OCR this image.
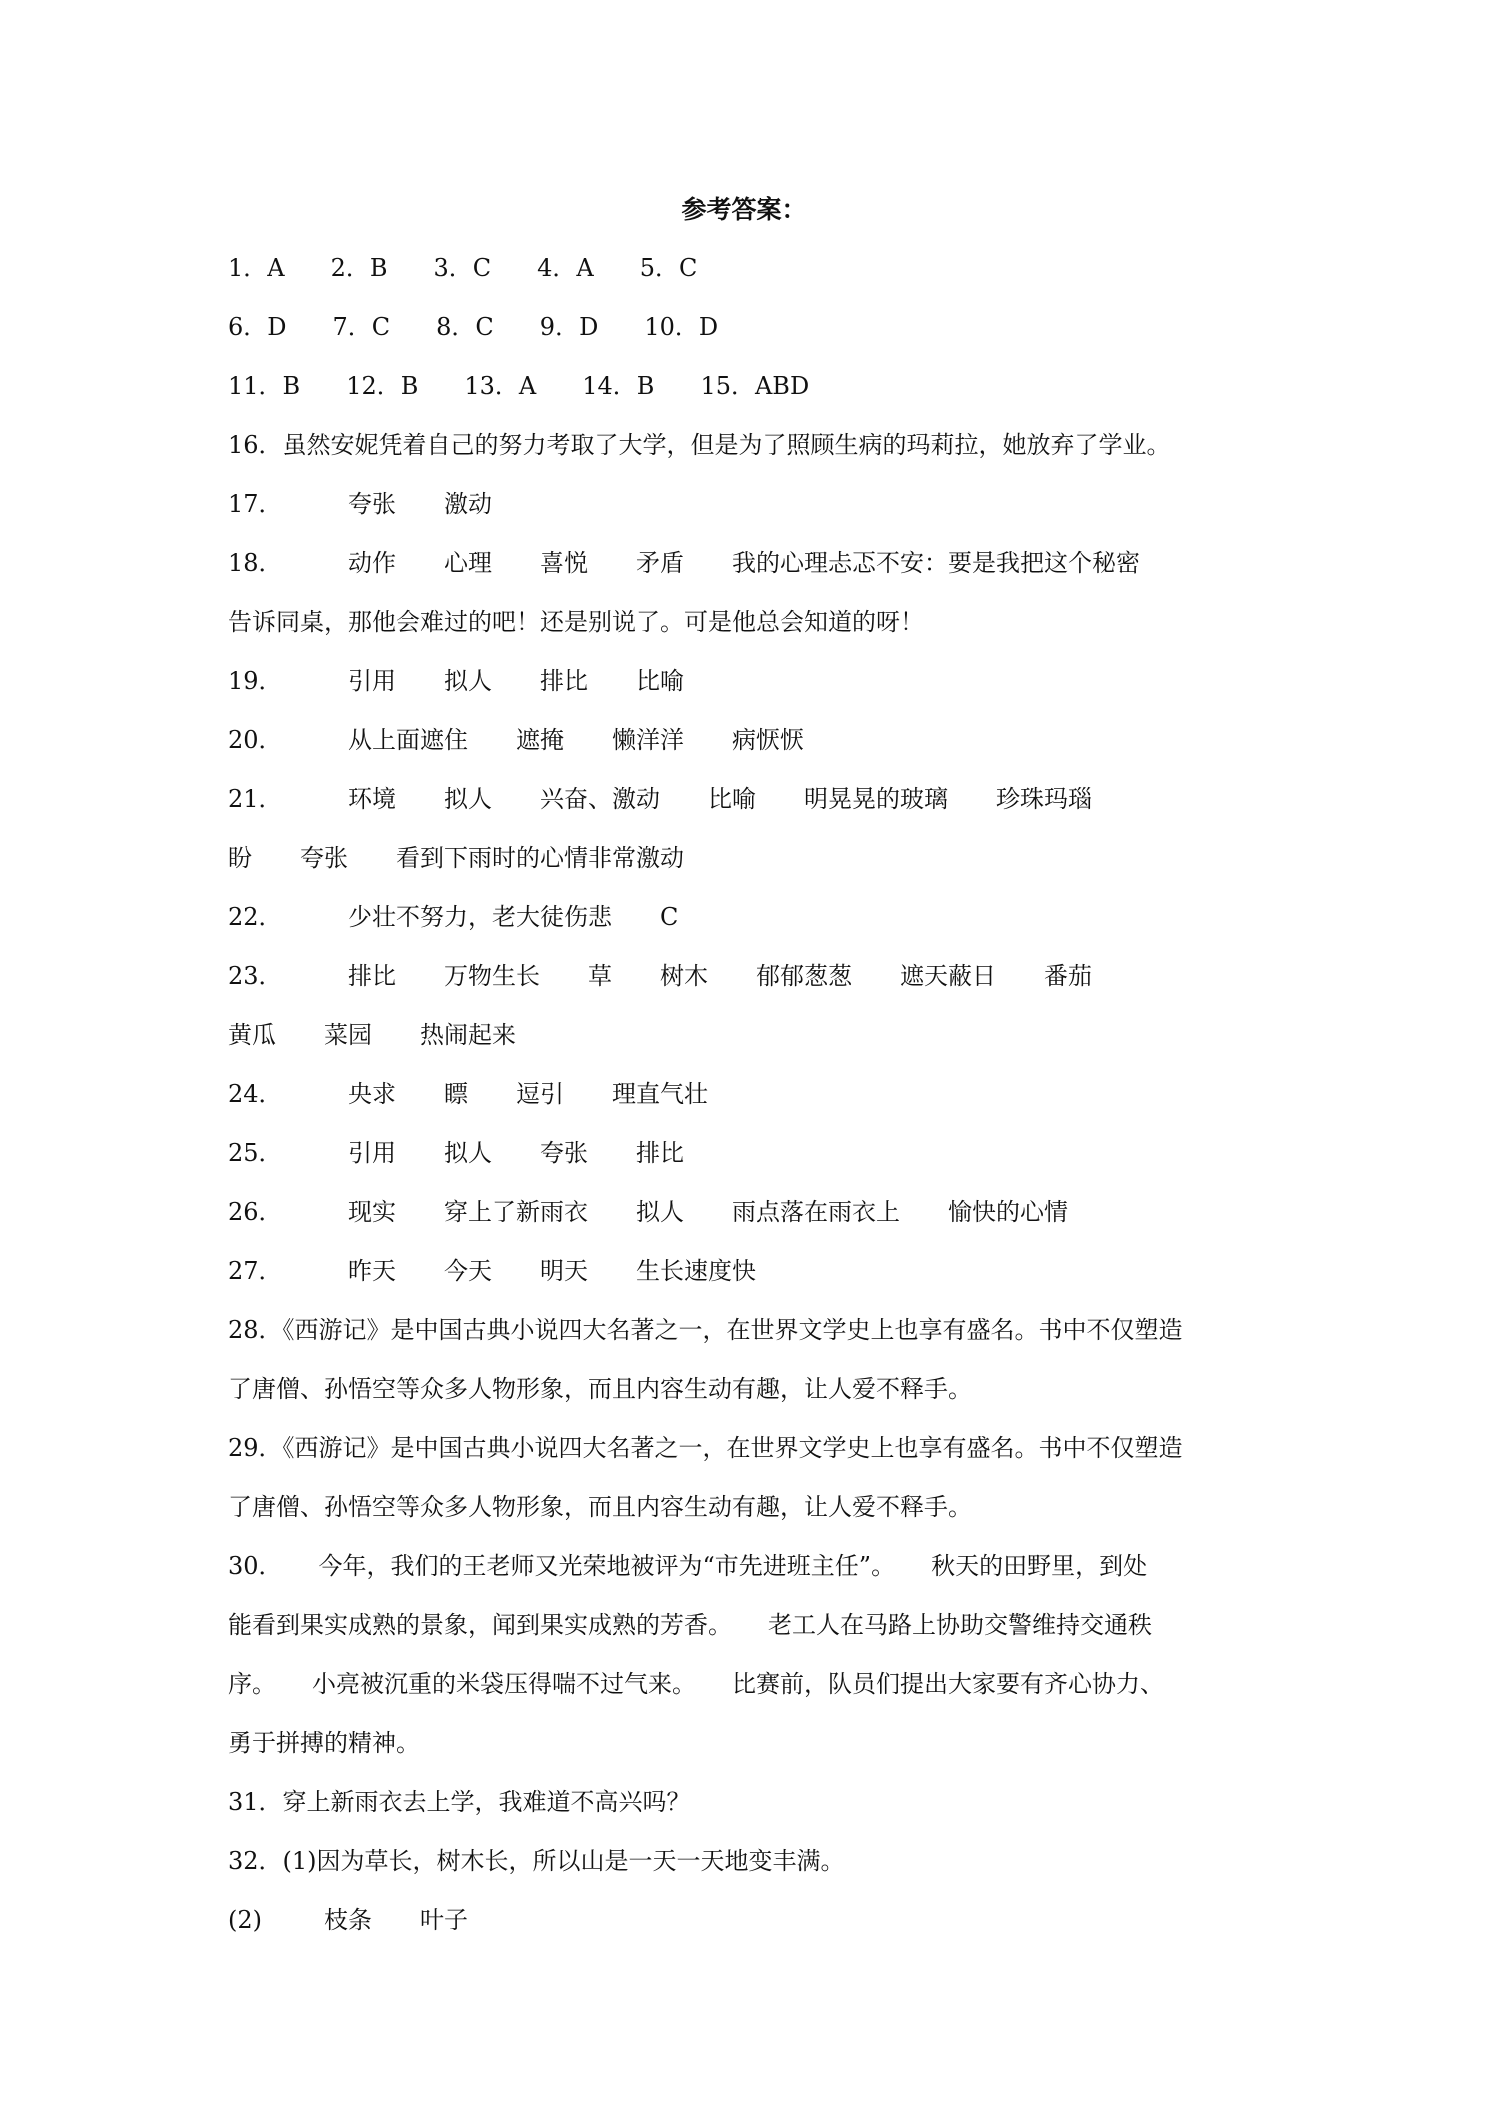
参考答案：
1．A 2．B 3．C 4．A 5．C
6．D 7．C 8．C 9．D 10．D
11．B 12．B 13．A 14．B 15．ABD
16．虽然安妮凭着自己的努力考取了大学，但是为了照顾生病的玛莉拉，她放弃了学业。
17．	夸张 激动
18．	动作 心理 喜悦 矛盾 我的心理忐忑不安：要是我把这个秘密
告诉同桌，那他会难过的吧！还是别说了。可是他总会知道的呀！
19．	引用 拟人 排比 比喻
20．	从上面遮住 遮掩 懒洋洋 病恹恹
21．	环境 拟人 兴奋、激动 比喻 明晃晃的玻璃 珍珠玛瑙
盼 夸张 看到下雨时的心情非常激动
22．	少壮不努力，老大徒伤悲 C
23．	排比 万物生长 草 树木 郁郁葱葱 遮天蔽日 番茄
黄瓜 菜园 热闹起来
24．	央求 瞟 逗引 理直气壮
25．	引用 拟人 夸张 排比
26．	现实 穿上了新雨衣 拟人 雨点落在雨衣上 愉快的心情
27．	昨天 今天 明天 生长速度快
28．《西游记》是中国古典小说四大名著之一，在世界文学史上也享有盛名。书中不仅塑造
了唐僧、孙悟空等众多人物形象，而且内容生动有趣，让人爱不释手。
29．《西游记》是中国古典小说四大名著之一，在世界文学史上也享有盛名。书中不仅塑造
了唐僧、孙悟空等众多人物形象，而且内容生动有趣，让人爱不释手。
30．　　今年，我们的王老师又光荣地被评为“市先进班主任”。　　秋天的田野里，到处
能看到果实成熟的景象，闻到果实成熟的芳香。　　老工人在马路上协助交警维持交通秩
序。　　小亮被沉重的米袋压得喘不过气来。　　比赛前，队员们提出大家要有齐心协力、
勇于拼搏的精神。
31．穿上新雨衣去上学，我难道不高兴吗？
32．(1)因为草长，树木长，所以山是一天一天地变丰满。
(2)	枝条 叶子
